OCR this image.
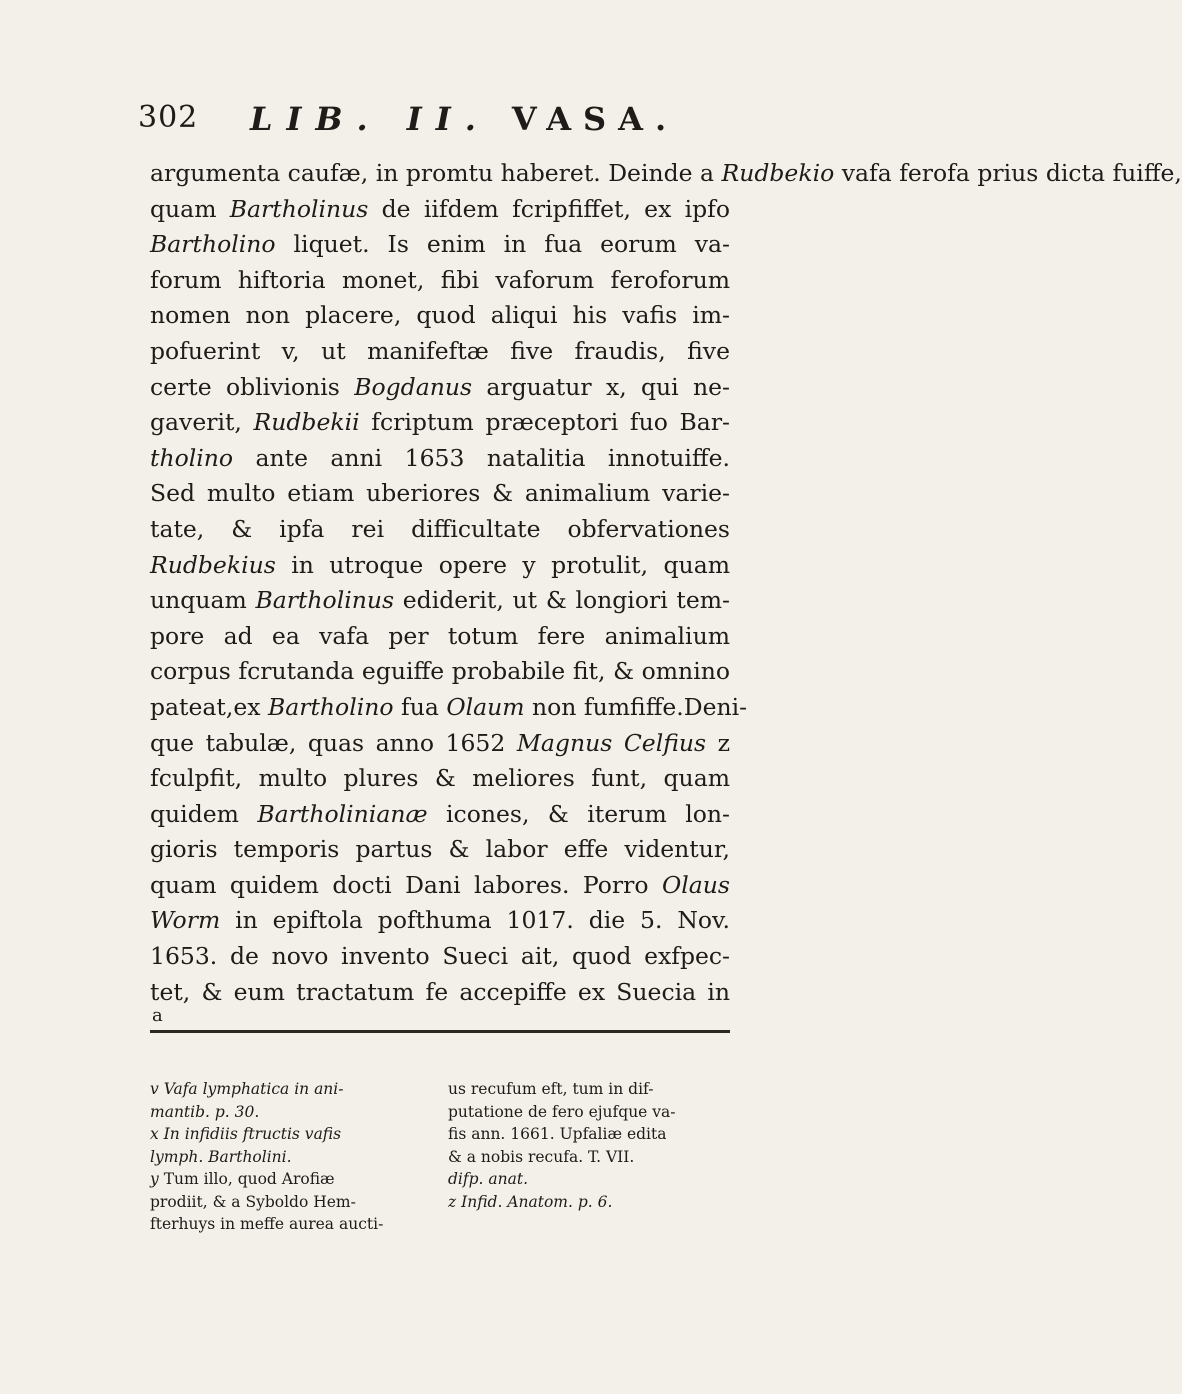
302 LIB. II. VASA.
argumenta caufæ, in promtu haberet. Deinde a Rudbekio vafa ferofa prius dicta fuiffe,
quam Bartholinus de iifdem fcripfiffet, ex ipfo
Bartholino liquet. Is enim in fua eorum va-
forum hiftoria monet, fibi vaforum feroforum
nomen non placere, quod aliqui his vafis im-
pofuerint v, ut manifeftæ five fraudis, five
certe oblivionis Bogdanus arguatur x, qui ne-
gaverit, Rudbekii fcriptum præceptori fuo Bar-
tholino ante anni 1653 natalitia innotuiffe.
Sed multo etiam uberiores & animalium varie-
tate, & ipfa rei difficultate obfervationes
Rudbekius in utroque opere y protulit, quam
unquam Bartholinus ediderit, ut & longiori tem-
pore ad ea vafa per totum fere animalium
corpus fcrutanda eguiffe probabile fit, & omnino
pateat,ex Bartholino fua Olaum non fumfiffe.Deni-
que tabulæ, quas anno 1652 Magnus Celfius z
fculpfit, multo plures & meliores funt, quam
quidem Bartholinianæ icones, & iterum lon-
gioris temporis partus & labor effe videntur,
quam quidem docti Dani labores. Porro Olaus
Worm in epiftola pofthuma 1017. die 5. Nov.
1653. de novo invento Sueci ait, quod exfpec-
tet, & eum tractatum fe accepiffe ex Suecia in
a
v Vafa lymphatica in ani-
mantib. p. 30.
x In infidiis ftructis vafis
lymph. Bartholini.
y Tum illo, quod Arofiæ
prodiit, & a Syboldo Hem-
fterhuys in meffe aurea aucti-
us recufum eft, tum in dif-
putatione de fero ejufque va-
fis ann. 1661. Upfaliæ edita
& a nobis recufa. T. VII.
difp. anat.
z Infid. Anatom. p. 6.
